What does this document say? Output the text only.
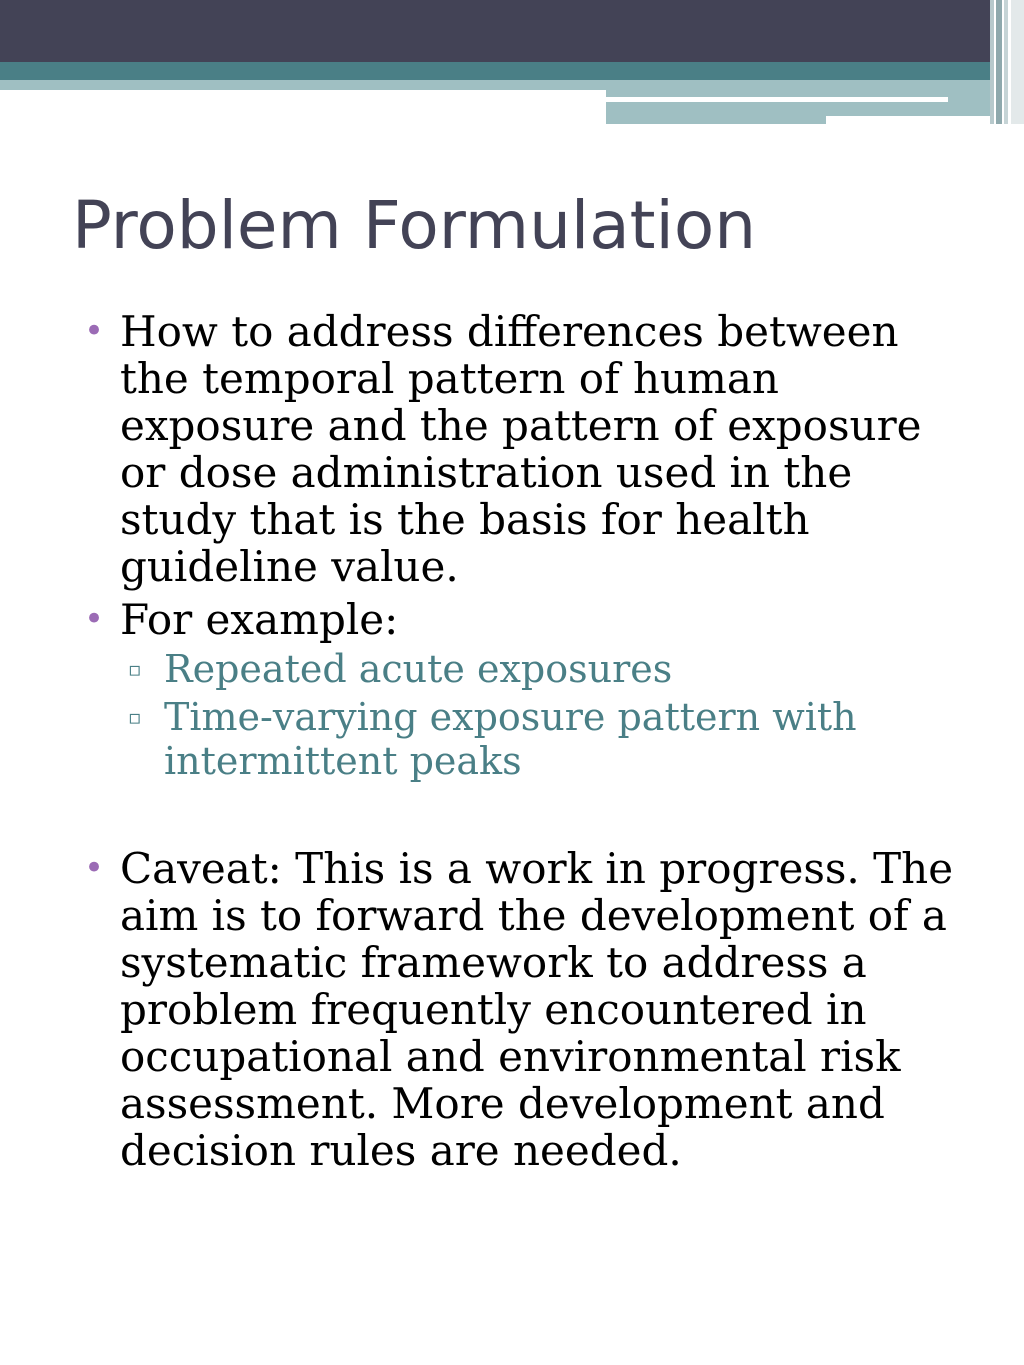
Problem Formulation

• How to address differences between the temporal pattern of human exposure and the pattern of exposure or dose administration used in the study that is the basis for health guideline value.

• For example:

▫ Repeated acute exposures

▫ Time-varying exposure pattern with intermittent peaks

• Caveat: This is a work in progress. The aim is to forward the development of a systematic framework to address a problem frequently encountered in occupational and environmental risk assessment. More development and decision rules are needed.
